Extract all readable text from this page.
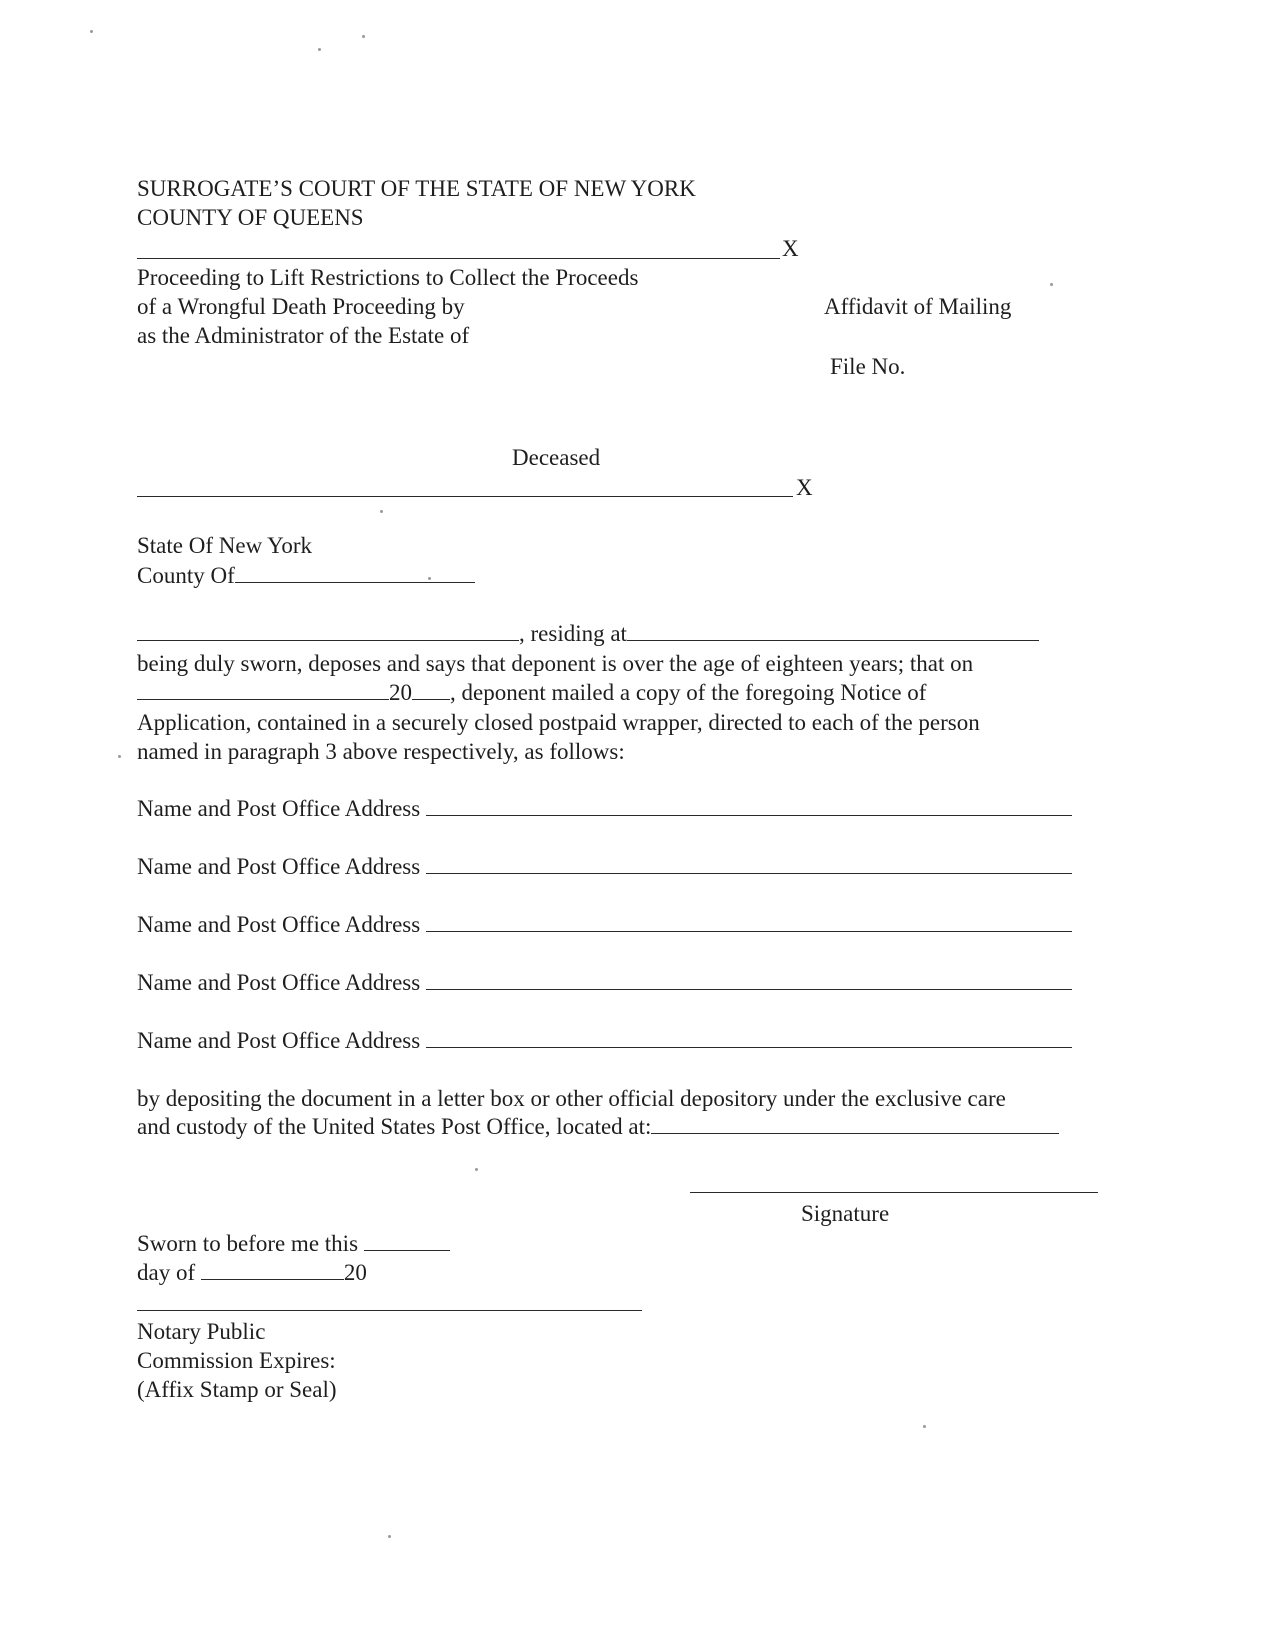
SURROGATE’S COURT OF THE STATE OF NEW YORK
COUNTY OF QUEENS
X
Proceeding to Lift Restrictions to Collect the Proceeds
of a Wrongful Death Proceeding by
as the Administrator of the Estate of
Affidavit of Mailing
File No.
Deceased
X
State Of New York
County Of
, residing at
being duly sworn, deposes and says that deponent is over the age of eighteen years; that on
20 , deponent mailed a copy of the foregoing Notice of
Application, contained in a securely closed postpaid wrapper, directed to each of the person
named in paragraph 3 above respectively, as follows:
Name and Post Office Address
Name and Post Office Address
Name and Post Office Address
Name and Post Office Address
Name and Post Office Address
by depositing the document in a letter box or other official depository under the exclusive care
and custody of the United States Post Office, located at:
Signature
Sworn to before me this
day of	20
Notary Public
Commission Expires:
(Affix Stamp or Seal)
